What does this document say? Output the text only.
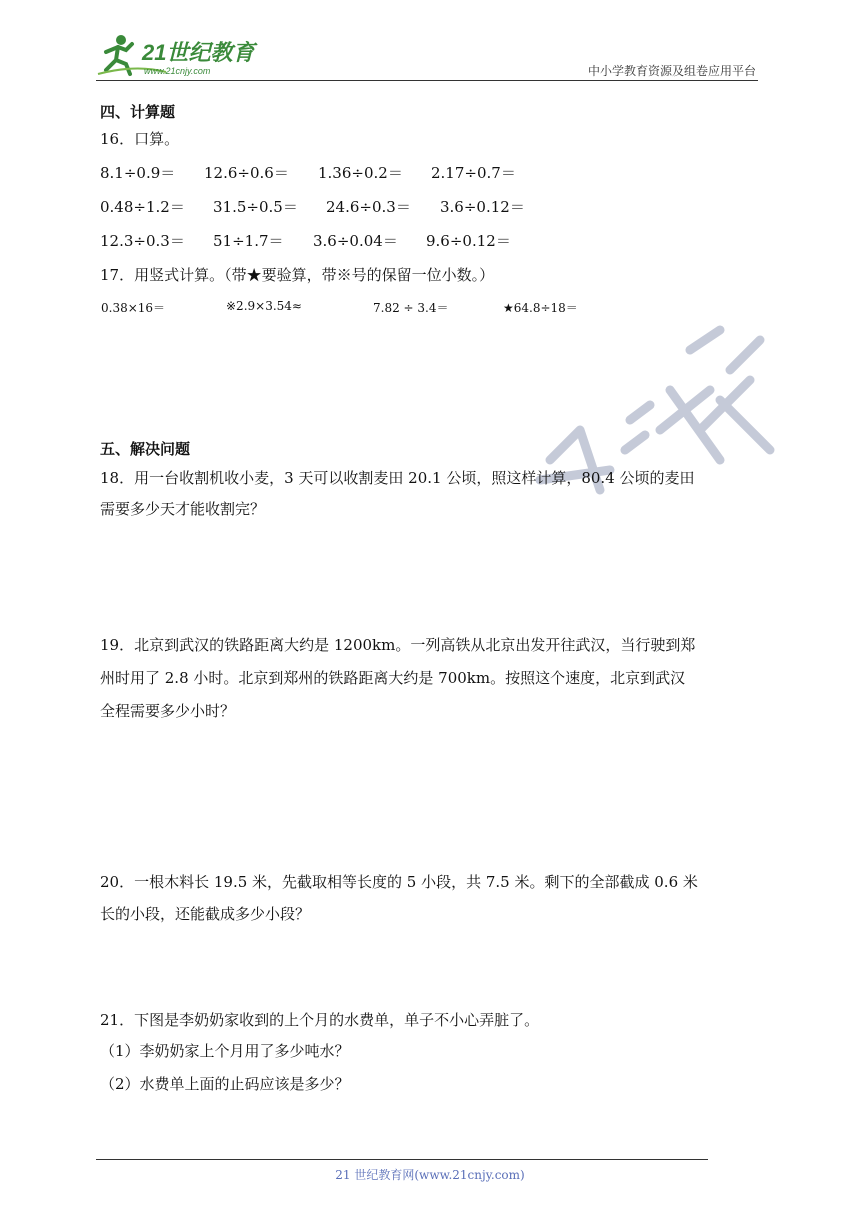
21世纪教育
www.21cnjy.com	中小学教育资源及组卷应用平台
四、计算题
16．口算。
8.1÷0.9＝ 12.6÷0.6＝ 1.36÷0.2＝ 2.17÷0.7＝
0.48÷1.2＝ 31.5÷0.5＝ 24.6÷0.3＝ 3.6÷0.12＝
12.3÷0.3＝ 51÷1.7＝ 3.6÷0.04＝ 9.6÷0.12＝
17．用竖式计算。（带★要验算，带※号的保留一位小数。）
0.38×16＝	※2.9×3.54≈	7.82 ÷ 3.4＝	★64.8÷18＝
五、解决问题
18．用一台收割机收小麦，3 天可以收割麦田 20.1 公顷，照这样计算，80.4 公顷的麦田
需要多少天才能收割完？
19．北京到武汉的铁路距离大约是 1200km。一列高铁从北京出发开往武汉，当行驶到郑
州时用了 2.8 小时。北京到郑州的铁路距离大约是 700km。按照这个速度，北京到武汉
全程需要多少小时？
20．一根木料长 19.5 米，先截取相等长度的 5 小段，共 7.5 米。剩下的全部截成 0.6 米
长的小段，还能截成多少小段？
21．下图是李奶奶家收到的上个月的水费单，单子不小心弄脏了。
（1）李奶奶家上个月用了多少吨水？
（2）水费单上面的止码应该是多少？
21 世纪教育网(www.21cnjy.com)
